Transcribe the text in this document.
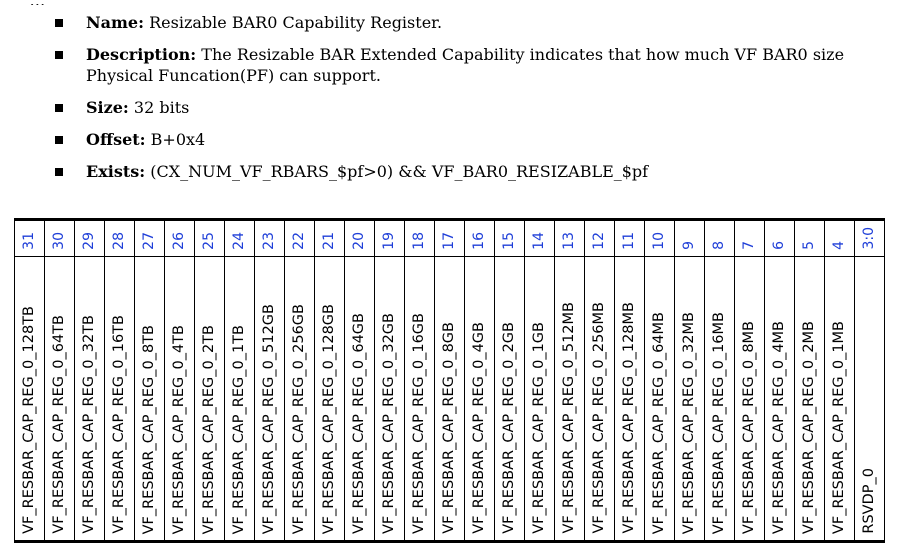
Name: Resizable BAR0 Capability Register.
Description: The Resizable BAR Extended Capability indicates that how much VF BAR0 size Physical Funcation(PF) can support.
Size: 32 bits
Offset: B+0x4
Exists: (CX_NUM_VF_RBARS_$pf>0) && VF_BAR0_RESIZABLE_$pf
31	30	29	28	27	26	25	24	23	22	21	20	19	18	17	16	15	14	13	12	11	10	9	8	7	6	5	4	3:0
VF_RESBAR_CAP_REG_0_128TB	VF_RESBAR_CAP_REG_0_64TB	VF_RESBAR_CAP_REG_0_32TB	VF_RESBAR_CAP_REG_0_16TB	VF_RESBAR_CAP_REG_0_8TB	VF_RESBAR_CAP_REG_0_4TB	VF_RESBAR_CAP_REG_0_2TB	VF_RESBAR_CAP_REG_0_1TB	VF_RESBAR_CAP_REG_0_512GB	VF_RESBAR_CAP_REG_0_256GB	VF_RESBAR_CAP_REG_0_128GB	VF_RESBAR_CAP_REG_0_64GB	VF_RESBAR_CAP_REG_0_32GB	VF_RESBAR_CAP_REG_0_16GB	VF_RESBAR_CAP_REG_0_8GB	VF_RESBAR_CAP_REG_0_4GB	VF_RESBAR_CAP_REG_0_2GB	VF_RESBAR_CAP_REG_0_1GB	VF_RESBAR_CAP_REG_0_512MB	VF_RESBAR_CAP_REG_0_256MB	VF_RESBAR_CAP_REG_0_128MB	VF_RESBAR_CAP_REG_0_64MB	VF_RESBAR_CAP_REG_0_32MB	VF_RESBAR_CAP_REG_0_16MB	VF_RESBAR_CAP_REG_0_8MB	VF_RESBAR_CAP_REG_0_4MB	VF_RESBAR_CAP_REG_0_2MB	VF_RESBAR_CAP_REG_0_1MB	RSVDP_0
